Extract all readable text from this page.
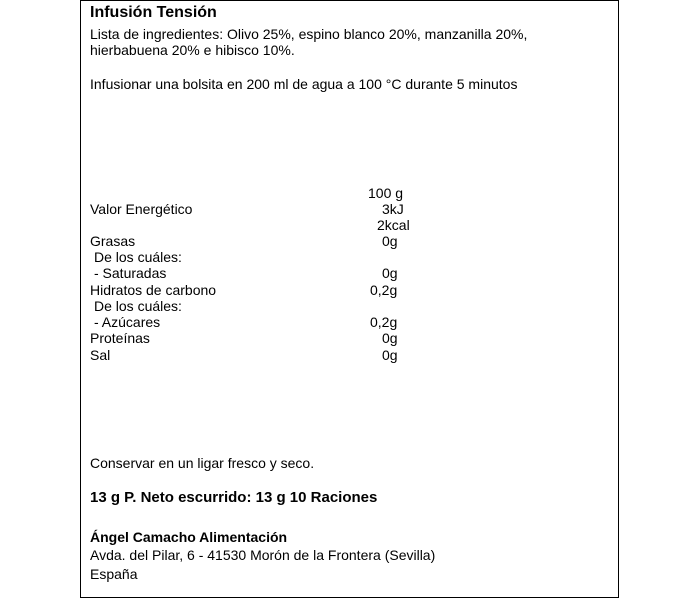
Infusión Tensión
Lista de ingredientes: Olivo 25%, espino blanco 20%, manzanilla 20%,
hierbabuena 20% e hibisco 10%.
Infusionar una bolsita en 200 ml de agua a 100 °C durante 5 minutos
100 g
Valor Energético	3kJ
2kcal
Grasas	0g
De los cuáles:
- Saturadas	0g
Hidratos de carbono	0,2g
De los cuáles:
- Azúcares	0,2g
Proteínas	0g
Sal	0g
Conservar en un ligar fresco y seco.
13 g P. Neto escurrido: 13 g 10 Raciones
Ángel Camacho Alimentación
Avda. del Pilar, 6 - 41530 Morón de la Frontera (Sevilla)
España
